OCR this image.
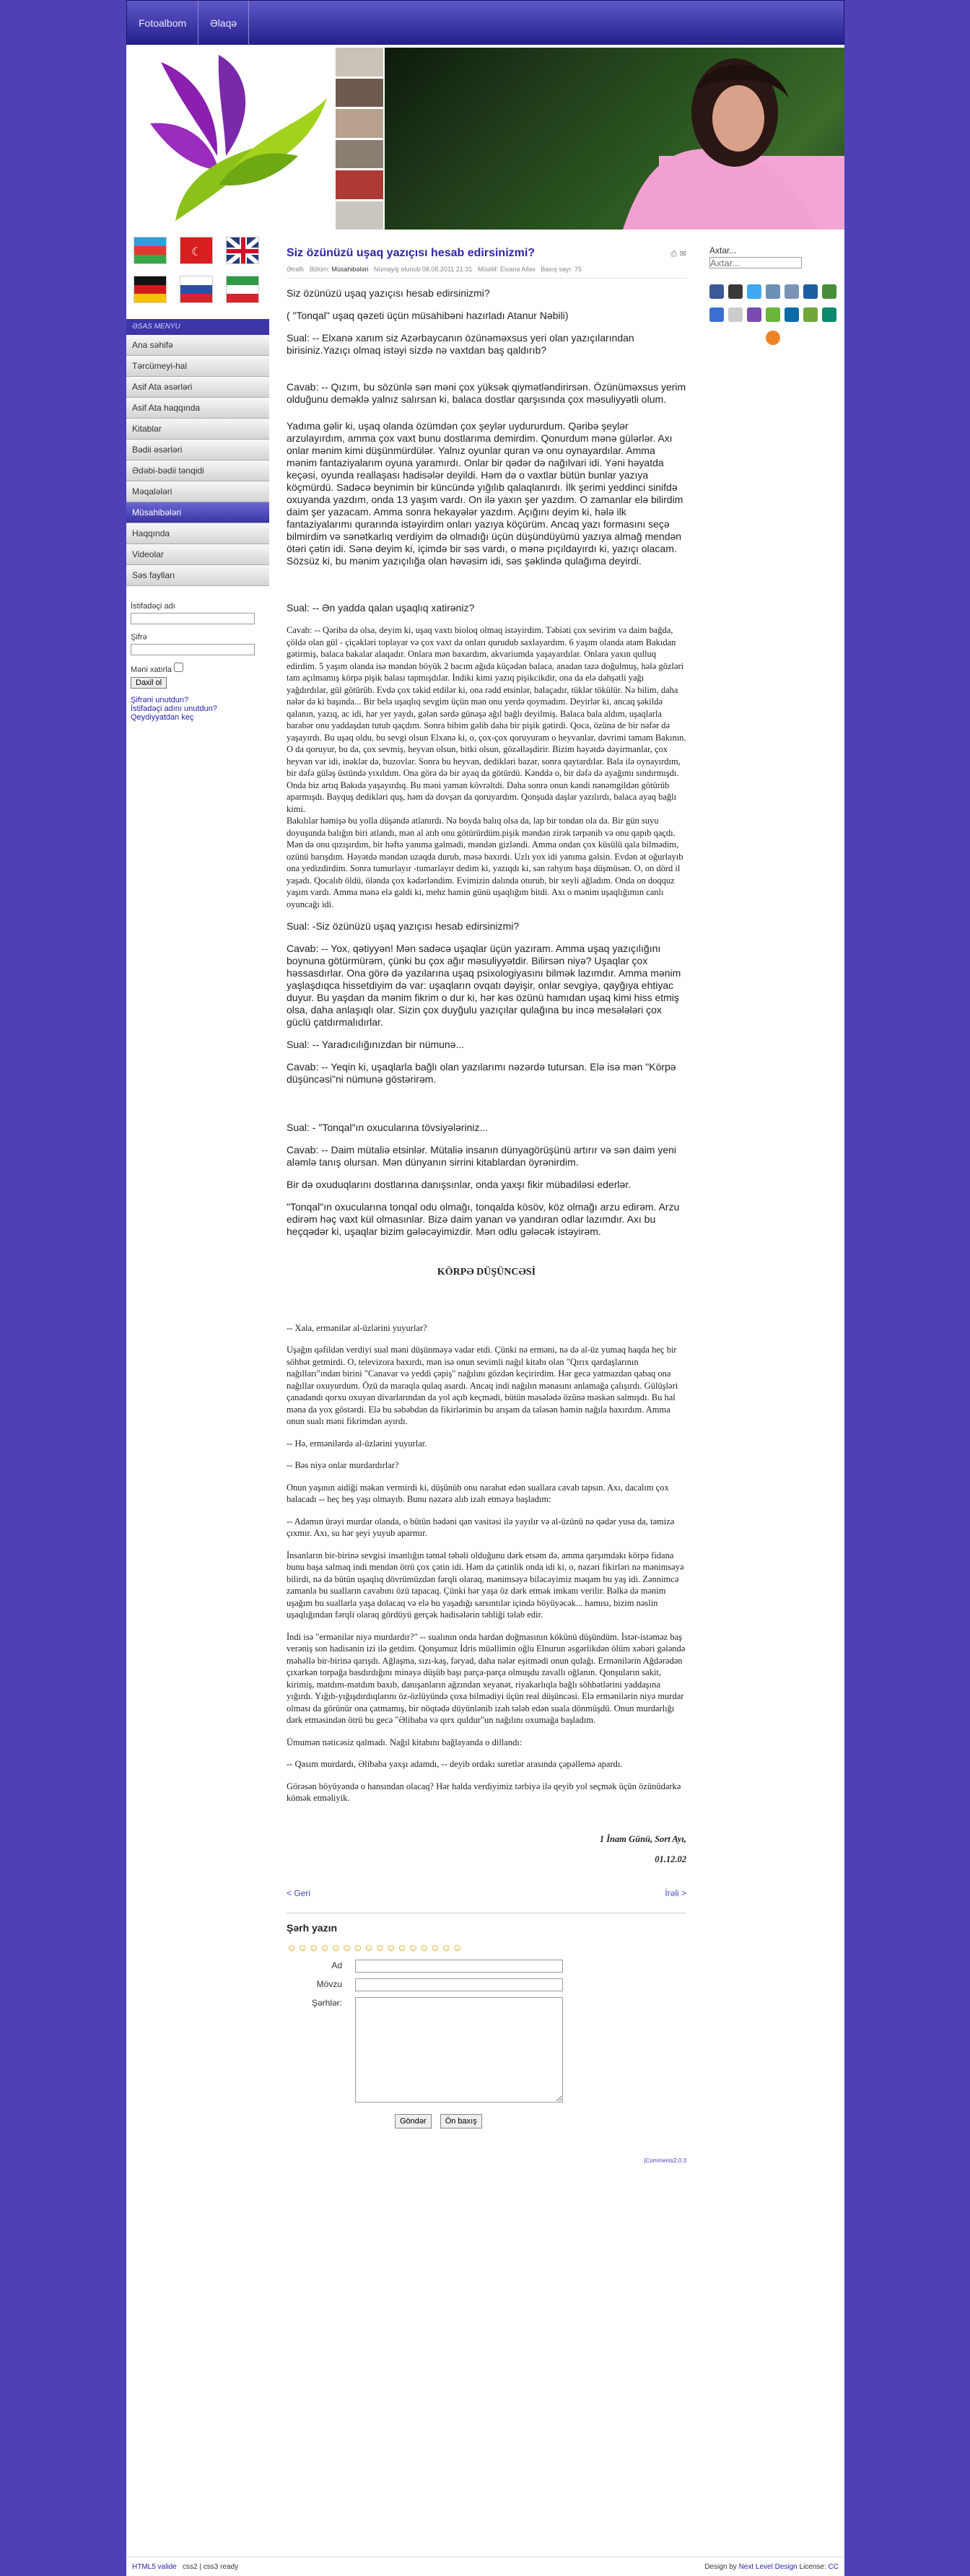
Fotoalbom	Əlaqə
☾
ƏSAS MENYU
Ana səhifə
Tərcümeyi-hal
Asif Ata əsərləri
Asif Ata haqqında
Kitablar
Bədii əsərləri
Ədəbi-bədii tənqidi
Məqalələri
Müsahibələri
Haqqında
Videolar
Səs faylları
İstifadəçi adı
Şifrə
Məni xatırla
Daxil ol
Şifrəni unutdun?
İstifadəçi adını unutdun?
Qeydiyyatdan keç
Siz özünüzü uşaq yazıçısı hesab edirsinizmi?	⎙ ✉
Ətraflı Bölüm: Müsahibələri Nümayiş olunub 08.08.2011 21:31 Müəllif: Elxanə Alləx Baxış sayı: 75

Siz özünüzü uşaq yazıçısı hesab edirsinizmi?

( "Tonqal" uşaq qəzeti üçün müsahibəni hazırladı Atanur Nəbili)

Sual: -- Elxanə xanım siz Azərbaycanın özünəməxsus yeri olan yazıçılarından birisiniz.Yazıçı olmaq istəyi sizdə nə vaxtdan baş qaldırıb?

Cavab: -- Qızım, bu sözünlə sən məni çox yüksək qiymətləndirirsən. Özünüməxsus yerim olduğunu deməklə yalnız salırsan ki, balaca dostlar qarşısında çox məsuliyyətli olum.

Yadıma gəlir ki, uşaq olanda özümdən çox şeylər uydururdum. Qəribə şeylər arzulayırdım, amma çox vaxt bunu dostlarıma demirdim. Qonurdum mənə gülərlər. Axı onlar mənim kimi düşünmürdülər. Yalnız oyunlar quran və onu oynayardılar. Amma mənim fantaziyalarım oyuna yaramırdı. Onlar bir qədər də nağılvari idi. Yəni həyatda keçəsi, oyunda reallaşası hadisələr deyildi. Həm də o vaxtlar bütün bunlar yazıya köçmürdü. Sadəcə beynimin bir küncündə yığılıb qalaqlanırdı. İlk şerimi yeddinci sinifdə oxuyanda yazdım, onda 13 yaşım vardı. On ilə yaxın şer yazdım. O zamanlar elə bilirdim daim şer yazacam. Amma sonra hekayələr yazdım. Açığını deyim ki, hələ ilk fantaziyalarımı qurarında istəyirdim onları yazıya köçürüm. Ancaq yazı formasını seçə bilmirdim və sənətkarlıq verdiyim də olmadığı üçün düşündüyümü yazıya almağ mendən ötəri çətin idi. Sənə deyim ki, içimdə bir səs vardı, o mənə pıçıldayırdı ki, yazıçı olacam. Sözsüz ki, bu mənim yazıçılığa olan həvəsim idi, səs şəklində qulağıma deyirdi.

Sual: -- Ən yadda qalan uşaqlıq xatirəniz?

Cavab: -- Qəribə də olsa, deyim ki, uşaq vaxtı bioloq olmaq istəyirdim. Təbiəti çox sevirim və daim bağda, çöldə olan gül - çiçəkləri toplayar və çox vaxt da onları qurudub saxlayardım. 6 yaşım olanda atam Bakıdan gətirmiş, balaca bakalar alaqadır. Onlara mən baxardım, akvariumda yaşayardılar. Onlara yaxın qulluq edirdim. 5 yaşım olanda isə məndən böyük 2 bacım ağıda küçədən balaca, anadan tazə doğulmuş, hələ gözləri tam açılmamış körpə pişik balası tapmışdılar. İndiki kimi yazıq pişikcikdir, ona da elə dəhşətli yağı yağdırdılar, gül götürüb. Evdə çox təkid etdilər ki, ona rədd etsinlər, balaçadır, tüklər tökülür. Nə bilim, daha nələr də ki başında... Bir belə uşaqlıq sevgim üçün mən onu yerdə qoymadım. Deyirlər ki, ancaq şəkildə qalanın, yazıq, ac idi, hər yer yaydı, gələn sərdə günəşə ağıl bağlı deyilmiş. Balaca bala aldım, uşaqlarla barabər onu yaddaşdan tutub qaçdım. Sonra bibim gəlib daha bir pişik gətirdi. Qoca, özünə de bir nəfər də yaşayırdı. Bu uşaq oldu, bu sevgi olsun Elxanə ki, o, çox-çox qoruyuram o heyvanlar, dəvrimi tamam Bakının. O da qoruyur, bu da, çox sevmiş, heyvan olsun, bitki olsun, gözəlləşdirir. Bizim həyətdə dəyirmanlar, çox heyvan var idi, inəklər də, buzovlar. Sonra bu heyvan, dedikləri bazar, sonra qaytardılar. Bala ilə oynayırdım, bir dəfə güləş üstündə yıxıldım. Ona görə də bir ayaq da götürdü. Kənddə o, bir dəfə də ayağımı sındırmışdı. Onda biz artıq Bakıda yaşayırdıq. Bu məni yaman kövrəltdi. Daha sonra onun kəndi nənəmgildən götürüb aparmışdı. Bayquş dedikləri quş, həm də dovşan da qoruyardım. Qonşuda daşlar yazılırdı, balaca ayaq bağlı kimi.

Bakılılar həmişə bu yolla düşəndə atlanırdı. Nə boyda balıq olsa da, lap bir tondan ola da. Bir gün suyu doyuşunda balığın biri atlandı, mən al atıb onu götürürdüm.pişik məndən zirək tərpənib və onu qapıb qaçdı. Mən də onu qızışırdım, bir həftə yanıma gəlmədi, məndən gizləndi. Amma ondan çox küsülü qala bilmədim, ozünü barışdım. Həyətdə məndən uzaqda durub, məsə baxırdı. Uzlı yox idi yanıma gəlsin. Evdən ət oğurlayıb ona yedizdirdim. Sonra tumurlayır -tumarlayır dedim ki, yazıqdı ki, sən rahyım başa düşmüsən. O, on dörd il yaşadı. Qocalıb öldü, ölənda çox kədərləndim. Evimizin dalında oturub, bir xeyli ağladım. Onda on doqquz yaşım vardı. Amma mənə elə gəldi ki, mehz hamin günü uşaqlığım bitdi. Axı o mənim uşaqlığımın canlı oyuncağı idi.

Sual: -Siz özünüzü uşaq yazıçısı hesab edirsinizmi?

Cavab: -- Yox, qətiyyən! Mən sadəcə uşaqlar üçün yazıram. Amma uşaq yazıçılığını boynuna götürmürəm, çünki bu çox ağır məsuliyyətdir. Bilirsən niyə? Uşaqlar çox həssasdırlar. Ona görə də yazılarına uşaq psixologiyasını bilmək lazımdır. Amma mənim yaşlaşdıqca hissetdiyim də var: uşaqların ovqatı dəyişir, onlar sevgiyə, qayğıya ehtiyac duyur. Bu yaşdan da mənim fikrim o dur ki, hər kəs özünü hamıdan uşaq kimi hiss etmiş olsa, daha anlaşıqlı olar. Sizin çox duyğulu yazıçılar qulağına bu incə mesələləri çox güclü çatdırmalıdırlar.

Sual: -- Yaradıcılığınızdan bir nümunə...

Cavab: -- Yeqin ki, uşaqlarla bağlı olan yazılarımı nəzərdə tutursan. Elə isə mən "Körpə düşüncəsi"ni nümunə göstərirəm.

Sual: - "Tonqal"ın oxucularına tövsiyələriniz...

Cavab: -- Daim mütaliə etsinlər. Mütaliə insanın dünyagörüşünü artırır və sən daim yeni aləmlə tanış olursan. Mən dünyanın sirrini kitablardan öyrənirdim.

Bir də oxuduqlarını dostlarına danışsınlar, onda yaxşı fikir mübadiləsi ederlər.

"Tonqal"ın oxucularına tonqal odu olmağı, tonqalda kösöv, köz olmağı arzu edirəm. Arzu edirəm həç vaxt kül olmasınlar. Bizə daim yanan və yandıran odlar lazımdır. Axı bu heçqədər ki, uşaqlar bizim gələcəyimizdir. Mən odlu gələcək istəyirəm.

KÖRPƏ DÜŞÜNCƏSİ

-- Xala, ermənilər al-üzlərini yuyurlar?

Uşağın qəfildən verdiyi sual məni düşünməyə vadar etdi. Çünki nə erməni, nə də al-üz yumaq haqda heç bir söhbət getmirdi. O, televizora baxırdı, mən isə onun sevimli nağıl kitabı olan "Qırıx qardaşlarının nağılları"ından birini "Canavar və yeddi çəpiş" nağılını gözdən keçirirdim. Hər gecə yatmazdan qabaq ona nağıllar oxuyurdum. Özü də maraqla qulaq asardı. Ancaq indi nağılın mənasını anlamağa çalışırdı. Gülüşləri çanadandı qorxu oxuyan divarlarından da yol açıb keçmədi, bütün məsələdə özünə məskən salmışdı. Bu hal məna da yox göstərdi. Elə bu səbəbdən da fikirlərimin bu arışam da tələsən həmin nağıla baxırdım. Amma onun sualı məni fikrimdən ayırdı.

-- Hə, ermənilərdə al-üzlərini yuyurlar.

-- Bəs niyə onlar murdardırlar?

Onun yaşının aidiği məkan vermirdi ki, düşünüb onu narahat edən suallara cavab tapsın. Axı, dacalım çox balacadı -- heç beş yaşı olmayıb. Bunu nəzərə alıb izah etməyə başladım:

-- Adamın ürəyi murdar olanda, o bütün bədəni qan vasitəsi ilə yayılır və al-üzünü nə qədər yusa da, təmizə çıxmır. Axı, su hər şeyi yuyub aparmır.

İnsanların bir-birinə sevgisi insanlığın təməl təbəli olduğunu dərk etsəm də, amma qarşımdakı körpə fidana bunu başa salmaq indi mendən ötrü çox çətin idi. Həm də çətinlik onda idi ki, o, nəzəri fikirləri nə mənimsəyə bilirdi, nə də bütün uşaqlıq dövrümüzdən fərqli olaraq, mənimsəyə biləcəyimiz məqam bu yaş idi. Zənnimcə zamanla bu sualların cavabını özü tapacaq. Çünki hər yaşa öz dərk etmək imkanı verilir. Bəlkə də mənim uşağım bu suallarla yaşa dolacaq və elə bu yaşadığı sarsıntılar içində böyüyəcək... hamısı, bizim nəslin uşaqlığından fərqli olaraq gördüyü gerçək hadisələrin təbliği təlab edir.

İndi isə "ermənilər niyə murdardır?" -- sualının onda hardan doğmasının kökünü düşündüm. İstər-istəməz baş verəniş son hadisənin izi ilə getdim. Qonşumuz İdris müəllimin oğlu Elnurun əsgərlikdən ölüm xəbəri gələndə məhəllə bir-birinə qarışdı. Ağlaşma, sızı-kaş, fəryad, daha nələr eşitmədi onun qulağı. Ermənilərin Ağdərədən çıxarkən torpağa basdırdığını minaya düşüb başı parça-parça olmuşdu zavallı oğlanın. Qonşuların sakit, kirimiş, matdım-matdım baxıb, danışanların ağzından xeyanət, riyakarlıqla bağlı söhbətlərini yaddaşına yığırdı. Yığıb-yığışdırdıqlarını öz-özlüyündə çoxa bilmədiyi üçün real düşüncəsi. Elə ermənilərin niyə murdar olması da görünür ona çatmamış, bir nöqtədə düyünlənib izah tələb edən suala dönmüşdü. Onun murdarlığı dərk etməsindən ötrü bu gecə "Əlibaba və qırx quldur"un nağılını oxumağa başladım.

Ümumən nəticəsiz qalmadı. Nağıl kitabını bağlayanda o dillandı:

-- Qasım murdardı, Əlibaba yaxşı adamdı, -- deyib ordakı suretlər arasında çəpəllemə apardı.

Görəsən böyüyəndə o hansından olacaq? Hər halda verdiyimiz tərbiyə ilə qeyib yol seçmək üçün özünüdərkə kömək etməliyik.

1 İnam Günü, Sort Ayı,

01.12.02

< Geri	İrəli >
Şərh yazın
☺☺☺☺☺☺☺☺☺☺☺☺☺☺☺☺
Ad
Mövzu
Şərhlər:
Göndər	Ön baxış
jComments2.0.3
Axtar...
Axtar...
HTML5 valide css2 | css3 ready	Design by Next Level Design License: CC
